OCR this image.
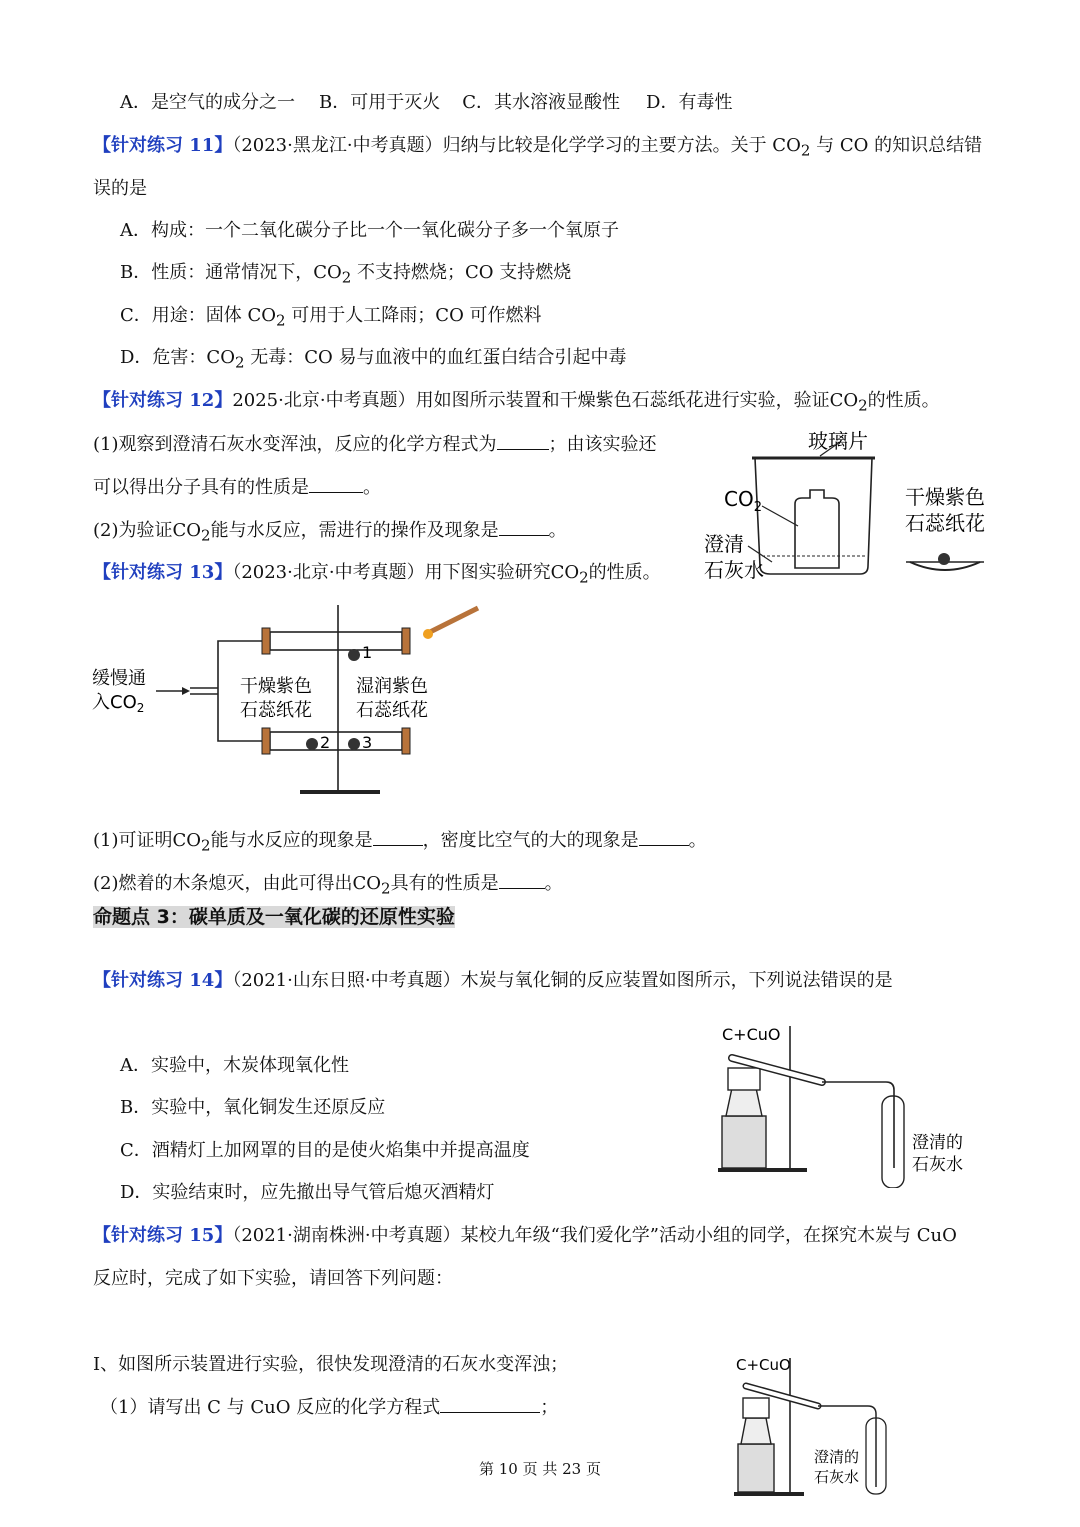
A．是空气的成分之一 B．可用于灭火 C．其水溶液显酸性 D．有毒性
【针对练习 11】（2023·黑龙江·中考真题）归纳与比较是化学学习的主要方法。关于 $CO_2$ 与 CO 的知识总结错
误的是
A．构成：一个二氧化碳分子比一个一氧化碳分子多一个氧原子
B．性质：通常情况下，$CO_2$ 不支持燃烧；CO 支持燃烧
C．用途：固体 $CO_2$ 可用于人工降雨；CO 可作燃料
D．危害：$CO_2$ 无毒：CO 易与血液中的血红蛋白结合引起中毒
【针对练习 12】2025·北京·中考真题）用如图所示装置和干燥紫色石蕊纸花进行实验，验证$CO_2$的性质。
(1)观察到澄清石灰水变浑浊，反应的化学方程式为	；由该实验还
可以得出分子具有的性质是	。
(2)为验证$CO_2$能与水反应，需进行的操作及现象是	。
玻璃片
$CO_2$
澄清
石灰水
干燥紫色
石蕊纸花
【针对练习 13】（2023·北京·中考真题）用下图实验研究$CO_2$的性质。
1
2 3
缓慢通
入$CO_2$
干燥紫色
石蕊纸花
湿润紫色
石蕊纸花
(1)可证明$CO_2$能与水反应的现象是	，密度比空气的大的现象是	。
(2)燃着的木条熄灭，由此可得出$CO_2$具有的性质是	。
命题点 3：碳单质及一氧化碳的还原性实验
【针对练习 14】（2021·山东日照·中考真题）木炭与氧化铜的反应装置如图所示，下列说法错误的是
A．实验中，木炭体现氧化性
B．实验中，氧化铜发生还原反应
C．酒精灯上加网罩的目的是使火焰集中并提高温度
D．实验结束时，应先撤出导气管后熄灭酒精灯
C+CuO
澄清的
石灰水
【针对练习 15】（2021·湖南株洲·中考真题）某校九年级“我们爱化学”活动小组的同学，在探究木炭与 CuO
反应时，完成了如下实验，请回答下列问题：
I、如图所示装置进行实验，很快发现澄清的石灰水变浑浊；
（1）请写出 C 与 CuO 反应的化学方程式	；
C+CuO
澄清的
石灰水
第 10 页 共 23 页
